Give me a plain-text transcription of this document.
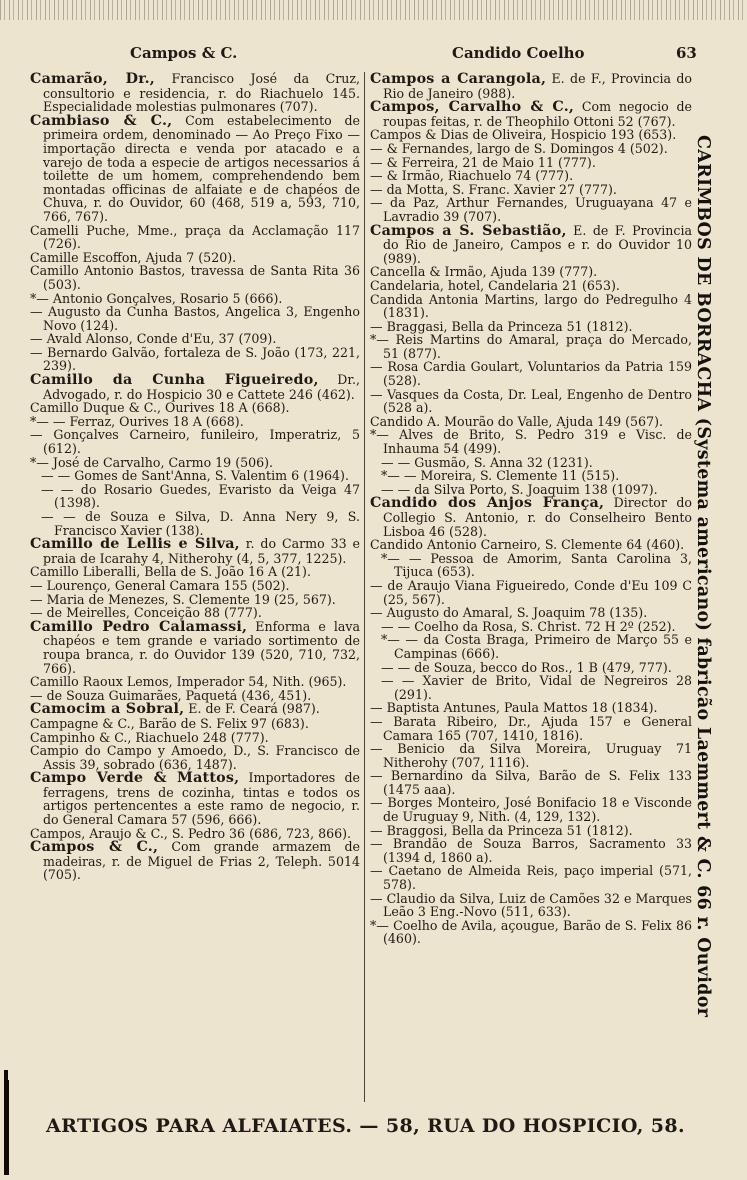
Campos & C.	Candido Coelho	63

Camarão, Dr., Francisco José da Cruz, consultorio e residencia, r. do Riachuelo 145. Especialidade molestias pulmonares (707).

Cambiaso & C., Com estabelecimento de primeira ordem, denominado — Ao Preço Fixo — importação directa e venda por atacado e a varejo de toda a especie de artigos necessarios á toilette de um homem, comprehendendo bem montadas officinas de alfaiate e de chapéos de Chuva, r. do Ouvidor, 60 (468, 519 a, 593, 710, 766, 767).

Camelli Puche, Mme., praça da Acclamação 117 (726).

Camille Escoffon, Ajuda 7 (520).

Camillo Antonio Bastos, travessa de Santa Rita 36 (503).

*— Antonio Gonçalves, Rosario 5 (666).

— Augusto da Cunha Bastos, Angelica 3, Engenho Novo (124).

— Avald Alonso, Conde d'Eu, 37 (709).

— Bernardo Galvão, fortaleza de S. João (173, 221, 239).

Camillo da Cunha Figueiredo, Dr., Advogado, r. do Hospicio 30 e Cattete 246 (462).

Camillo Duque & C., Ourives 18 A (668).

*— — Ferraz, Ourives 18 A (668).

— Gonçalves Carneiro, funileiro, Imperatriz, 5 (612).

*— José de Carvalho, Carmo 19 (506).

— — Gomes de Sant'Anna, S. Valentim 6 (1964).

— — do Rosario Guedes, Evaristo da Veiga 47 (1398).

— — de Souza e Silva, D. Anna Nery 9, S. Francisco Xavier (138).

Camillo de Lellis e Silva, r. do Carmo 33 e praia de Icarahy 4, Nitherohy (4, 5, 377, 1225).

Camillo Liberalli, Bella de S. João 16 A (21).

— Lourenço, General Camara 155 (502).

— Maria de Menezes, S. Clemente 19 (25, 567).

— de Meirelles, Conceição 88 (777).

Camillo Pedro Calamassi, Enforma e lava chapéos e tem grande e variado sortimento de roupa branca, r. do Ouvidor 139 (520, 710, 732, 766).

Camillo Raoux Lemos, Imperador 54, Nith. (965).

— de Souza Guimarães, Paquetá (436, 451).

Camocim a Sobral, E. de F. Ceará (987).

Campagne & C., Barão de S. Felix 97 (683).

Campinho & C., Riachuelo 248 (777).

Campio do Campo y Amoedo, D., S. Francisco de Assis 39, sobrado (636, 1487).

Campo Verde & Mattos, Importadores de ferragens, trens de cozinha, tintas e todos os artigos pertencentes a este ramo de negocio, r. do General Camara 57 (596, 666).

Campos, Araujo & C., S. Pedro 36 (686, 723, 866).

Campos & C., Com grande armazem de madeiras, r. de Miguel de Frias 2, Teleph. 5014 (705).

Campos a Carangola, E. de F., Provincia do Rio de Janeiro (988).

Campos, Carvalho & C., Com negocio de roupas feitas, r. de Theophilo Ottoni 52 (767).

Campos & Dias de Oliveira, Hospicio 193 (653).

— & Fernandes, largo de S. Domingos 4 (502).

— & Ferreira, 21 de Maio 11 (777).

— & Irmão, Riachuelo 74 (777).

— da Motta, S. Franc. Xavier 27 (777).

— da Paz, Arthur Fernandes, Uruguayana 47 e Lavradio 39 (707).

Campos a S. Sebastião, E. de F. Provincia do Rio de Janeiro, Campos e r. do Ouvidor 10 (989).

Cancella & Irmão, Ajuda 139 (777).

Candelaria, hotel, Candelaria 21 (653).

Candida Antonia Martins, largo do Pedregulho 4 (1831).

— Braggasi, Bella da Princeza 51 (1812).

*— Reis Martins do Amaral, praça do Mercado, 51 (877).

— Rosa Cardia Goulart, Voluntarios da Patria 159 (528).

— Vasques da Costa, Dr. Leal, Engenho de Dentro (528 a).

Candido A. Mourão do Valle, Ajuda 149 (567).

*— Alves de Brito, S. Pedro 319 e Visc. de Inhauma 54 (499).

— — Gusmão, S. Anna 32 (1231).

*— — Moreira, S. Clemente 11 (515).

— — da Silva Porto, S. Joaquim 138 (1097).

Candido dos Anjos França, Director do Collegio S. Antonio, r. do Conselheiro Bento Lisboa 46 (528).

Candido Antonio Carneiro, S. Clemente 64 (460).

*— — Pessoa de Amorim, Santa Carolina 3, Tijuca (653).

— de Araujo Viana Figueiredo, Conde d'Eu 109 C (25, 567).

— Augusto do Amaral, S. Joaquim 78 (135).

— — Coelho da Rosa, S. Christ. 72 H 2º (252).

*— — da Costa Braga, Primeiro de Março 55 e Campinas (666).

— — de Souza, becco do Ros., 1 B (479, 777).

— — Xavier de Brito, Vidal de Negreiros 28 (291).

— Baptista Antunes, Paula Mattos 18 (1834).

— Barata Ribeiro, Dr., Ajuda 157 e General Camara 165 (707, 1410, 1816).

— Benicio da Silva Moreira, Uruguay 71 Nitherohy (707, 1116).

— Bernardino da Silva, Barão de S. Felix 133 (1475 aaa).

— Borges Monteiro, José Bonifacio 18 e Visconde de Uruguay 9, Nith. (4, 129, 132).

— Braggosi, Bella da Princeza 51 (1812).

— Brandão de Souza Barros, Sacramento 33 (1394 d, 1860 a).

— Caetano de Almeida Reis, paço imperial (571, 578).

— Claudio da Silva, Luiz de Camões 32 e Marques Leão 3 Eng.-Novo (511, 633).

*— Coelho de Avila, açougue, Barão de S. Felix 86 (460).	CARIMBOS DE BORRACHA (Systema americano) fabricão Laemmert & C. 66 r. Ouvidor
ARTIGOS PARA ALFAIATES. — 58, RUA DO HOSPICIO, 58.
